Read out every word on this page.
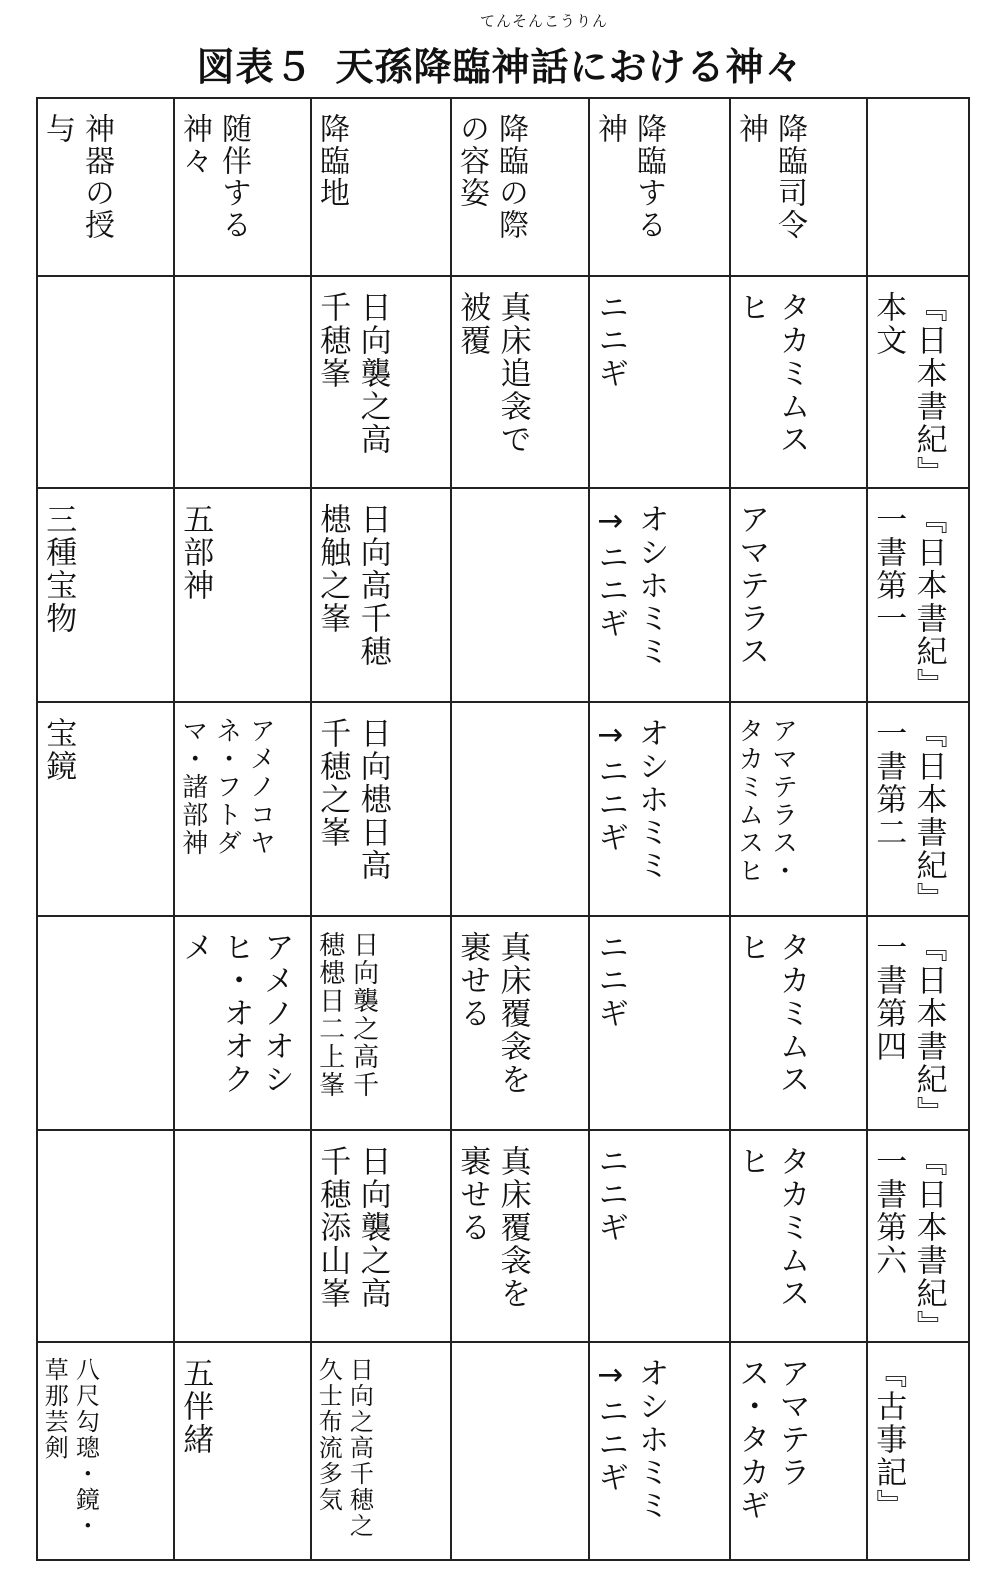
てんそんこうりん
図表５ 天孫降臨神話における神々
神器の授与	随伴する神々	降臨地	降臨の際の容姿	降臨する神	降臨司令神	

		日向襲之高千穂峯	真床追衾で被覆	ニニギ	タカミムスヒ	『日本書紀』本文

三種宝物	五部神	日向高千穂槵触之峯		オシホミミ→ニニギ	アマテラス	『日本書紀』一書第一

宝鏡	アメノコヤネ・フトダマ・諸部神	日向槵日高千穂之峯		オシホミミ→ニニギ	アマテラス・タカミムスヒ	『日本書紀』一書第二

	アメノオシヒ・オオクメ	日向襲之高千穂槵日二上峯	真床覆衾を裹せる	ニニギ	タカミムスヒ	『日本書紀』一書第四

		日向襲之高千穂添山峯	真床覆衾を裹せる	ニニギ	タカミムスヒ	『日本書紀』一書第六

八尺勾璁・鏡・草那芸剣	五伴緒	日向之高千穂之久士布流多気		オシホミミ→ニニギ	アマテラス・タカギ	『古事記』
